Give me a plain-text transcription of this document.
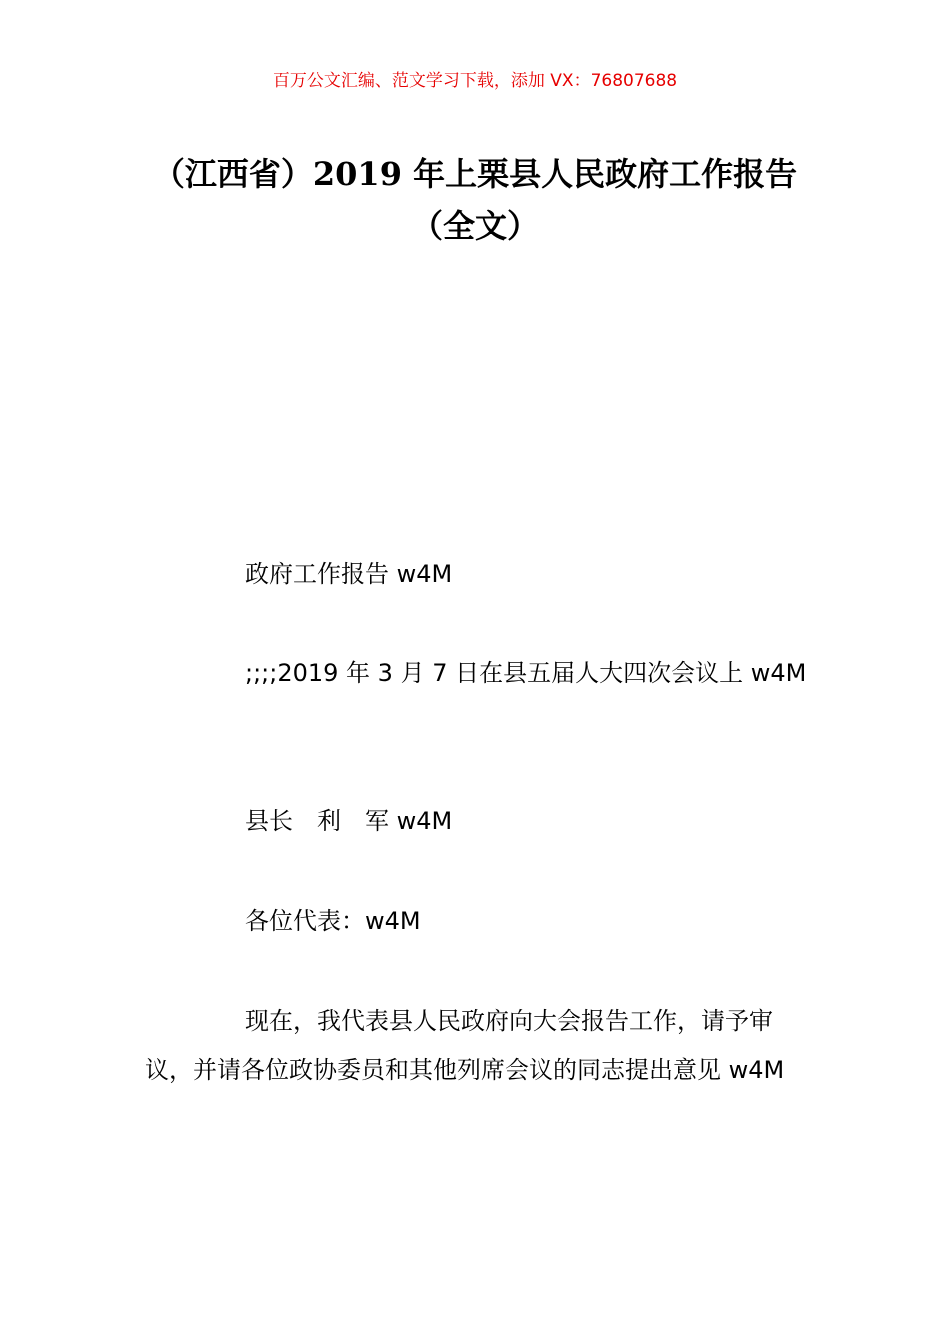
百万公文汇编、范文学习下载，添加 VX：76807688
（江西省）2019 年上栗县人民政府工作报告（全文）
政府工作报告 w4M
;;;;2019 年 3 月 7 日在县五届人大四次会议上 w4M
县长　利　军 w4M
各位代表：w4M
现在，我代表县人民政府向大会报告工作，请予审议，并请各位政协委员和其他列席会议的同志提出意见 w4M
